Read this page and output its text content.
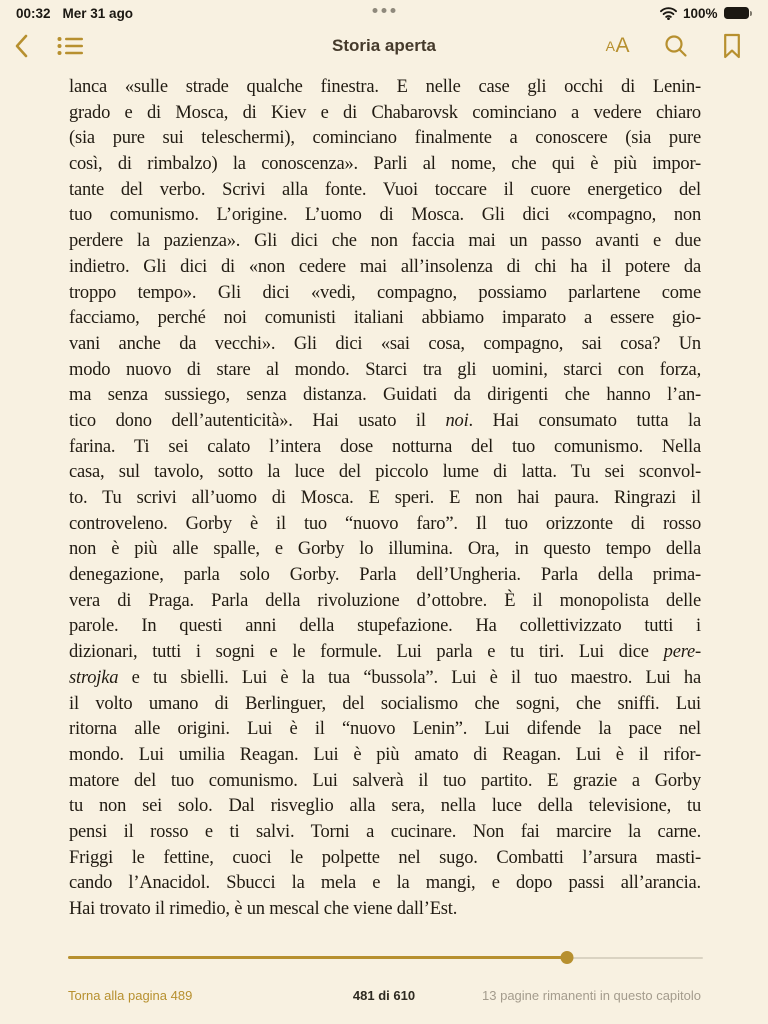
00:32 Mer 31 ago	100%
Storia aperta	A A
lanca «sulle strade qualche finestra. E nelle case gli occhi di Lenin-
grado e di Mosca, di Kiev e di Chabarovsk cominciano a vedere chiaro
(sia pure sui teleschermi), cominciano finalmente a conoscere (sia pure
così, di rimbalzo) la conoscenza». Parli al nome, che qui è più impor-
tante del verbo. Scrivi alla fonte. Vuoi toccare il cuore energetico del
tuo comunismo. L’origine. L’uomo di Mosca. Gli dici «compagno, non
perdere la pazienza». Gli dici che non faccia mai un passo avanti e due
indietro. Gli dici di «non cedere mai all’insolenza di chi ha il potere da
troppo tempo». Gli dici «vedi, compagno, possiamo parlartene come
facciamo, perché noi comunisti italiani abbiamo imparato a essere gio-
vani anche da vecchi». Gli dici «sai cosa, compagno, sai cosa? Un
modo nuovo di stare al mondo. Starci tra gli uomini, starci con forza,
ma senza sussiego, senza distanza. Guidati da dirigenti che hanno l’an-
tico dono dell’autenticità». Hai usato il noi. Hai consumato tutta la
farina. Ti sei calato l’intera dose notturna del tuo comunismo. Nella
casa, sul tavolo, sotto la luce del piccolo lume di latta. Tu sei sconvol-
to. Tu scrivi all’uomo di Mosca. E speri. E non hai paura. Ringrazi il
controveleno. Gorby è il tuo “nuovo faro”. Il tuo orizzonte di rosso
non è più alle spalle, e Gorby lo illumina. Ora, in questo tempo della
denegazione, parla solo Gorby. Parla dell’Ungheria. Parla della prima-
vera di Praga. Parla della rivoluzione d’ottobre. È il monopolista delle
parole. In questi anni della stupefazione. Ha collettivizzato tutti i
dizionari, tutti i sogni e le formule. Lui parla e tu tiri. Lui dice pere-
strojka e tu sbielli. Lui è la tua “bussola”. Lui è il tuo maestro. Lui ha
il volto umano di Berlinguer, del socialismo che sogni, che sniffi. Lui
ritorna alle origini. Lui è il “nuovo Lenin”. Lui difende la pace nel
mondo. Lui umilia Reagan. Lui è più amato di Reagan. Lui è il rifor-
matore del tuo comunismo. Lui salverà il tuo partito. E grazie a Gorby
tu non sei solo. Dal risveglio alla sera, nella luce della televisione, tu
pensi il rosso e ti salvi. Torni a cucinare. Non fai marcire la carne.
Friggi le fettine, cuoci le polpette nel sugo. Combatti l’arsura masti-
cando l’Anacidol. Sbucci la mela e la mangi, e dopo passi all’arancia.
Hai trovato il rimedio, è un mescal che viene dall’Est.
Torna alla pagina 489	481 di 610	13 pagine rimanenti in questo capitolo
